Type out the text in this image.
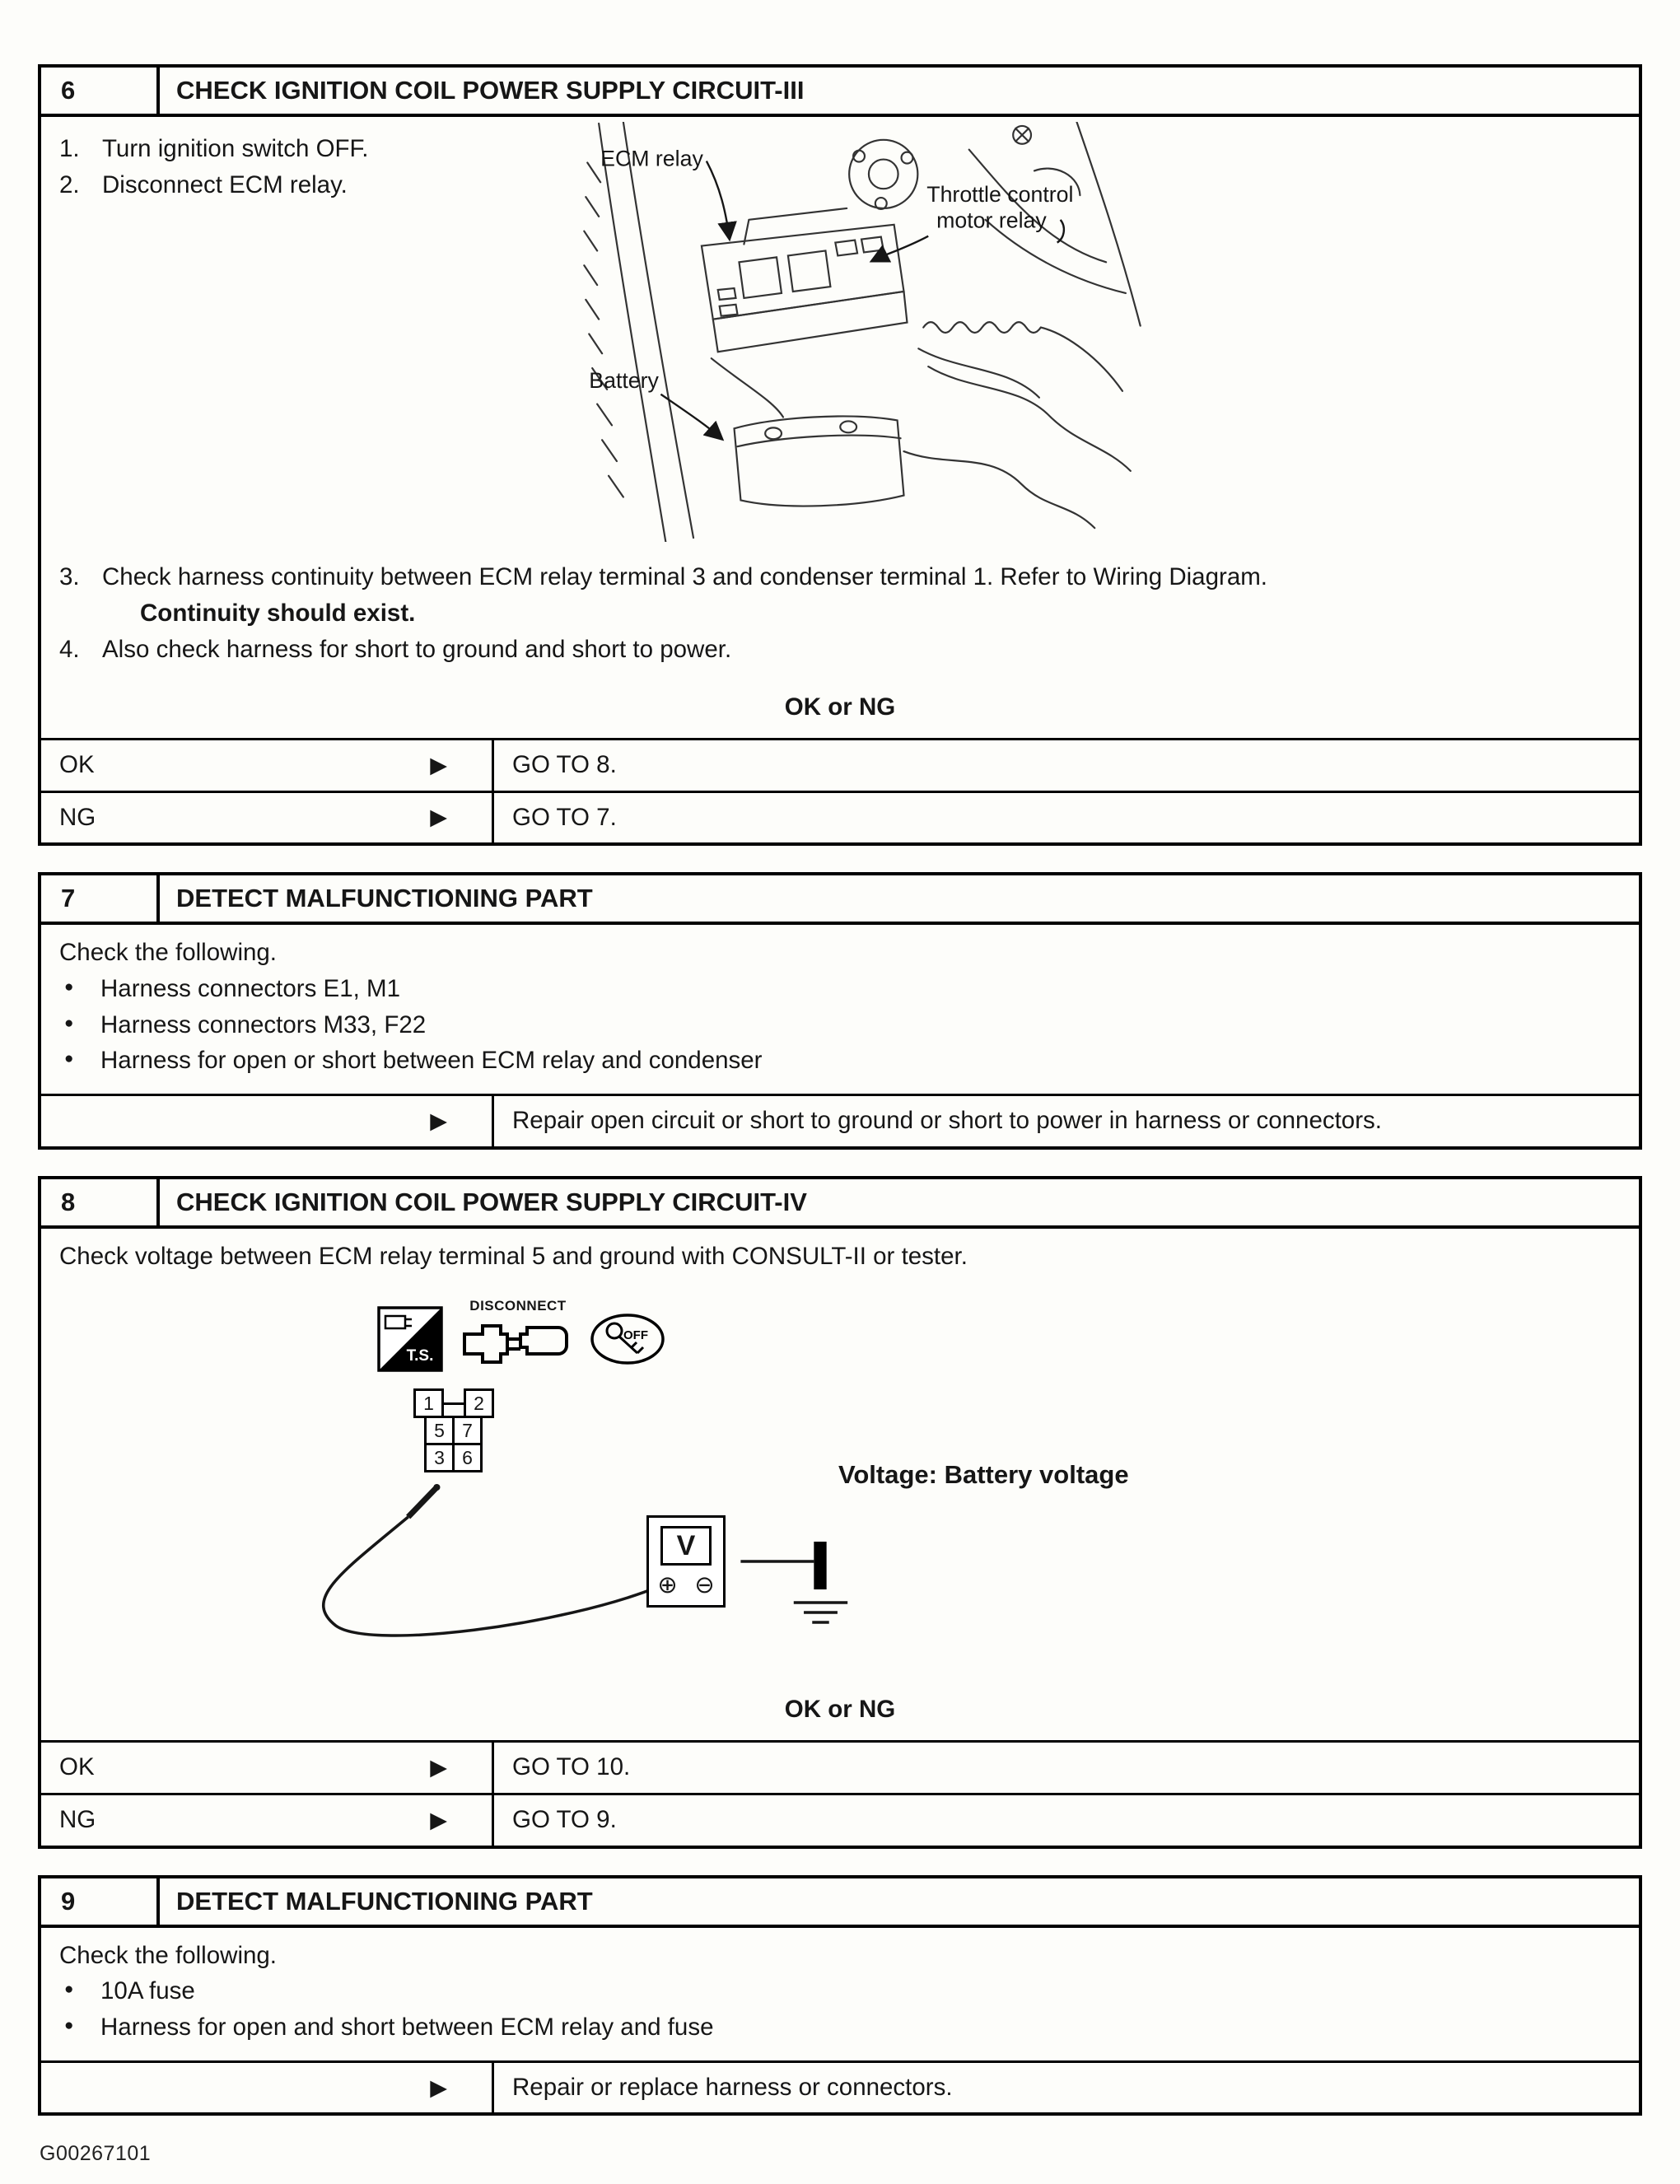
6	CHECK IGNITION COIL POWER SUPPLY CIRCUIT-III
1. Turn ignition switch OFF.
2. Disconnect ECM relay.
ECM relay
Throttle control
motor relay
Battery
3. Check harness continuity between ECM relay terminal 3 and condenser terminal 1. Refer to Wiring Diagram.
Continuity should exist.
4. Also check harness for short to ground and short to power.
OK or NG
OK	▶	GO TO 8.
NG	▶	GO TO 7.
7	DETECT MALFUNCTIONING PART
Check the following.
●	Harness connectors E1, M1
●	Harness connectors M33, F22
●	Harness for open or short between ECM relay and condenser
▶	Repair open circuit or short to ground or short to power in harness or connectors.
8	CHECK IGNITION COIL POWER SUPPLY CIRCUIT-IV
Check voltage between ECM relay terminal 5 and ground with CONSULT-II or tester.
T.S.
DISCONNECT
OFF
1	2
5 7
3 6
Voltage: Battery voltage
V
⊕ ⊖
OK or NG
OK	▶	GO TO 10.
NG	▶	GO TO 9.
9	DETECT MALFUNCTIONING PART
Check the following.
●	10A fuse
●	Harness for open and short between ECM relay and fuse
▶	Repair or replace harness or connectors.
G00267101
